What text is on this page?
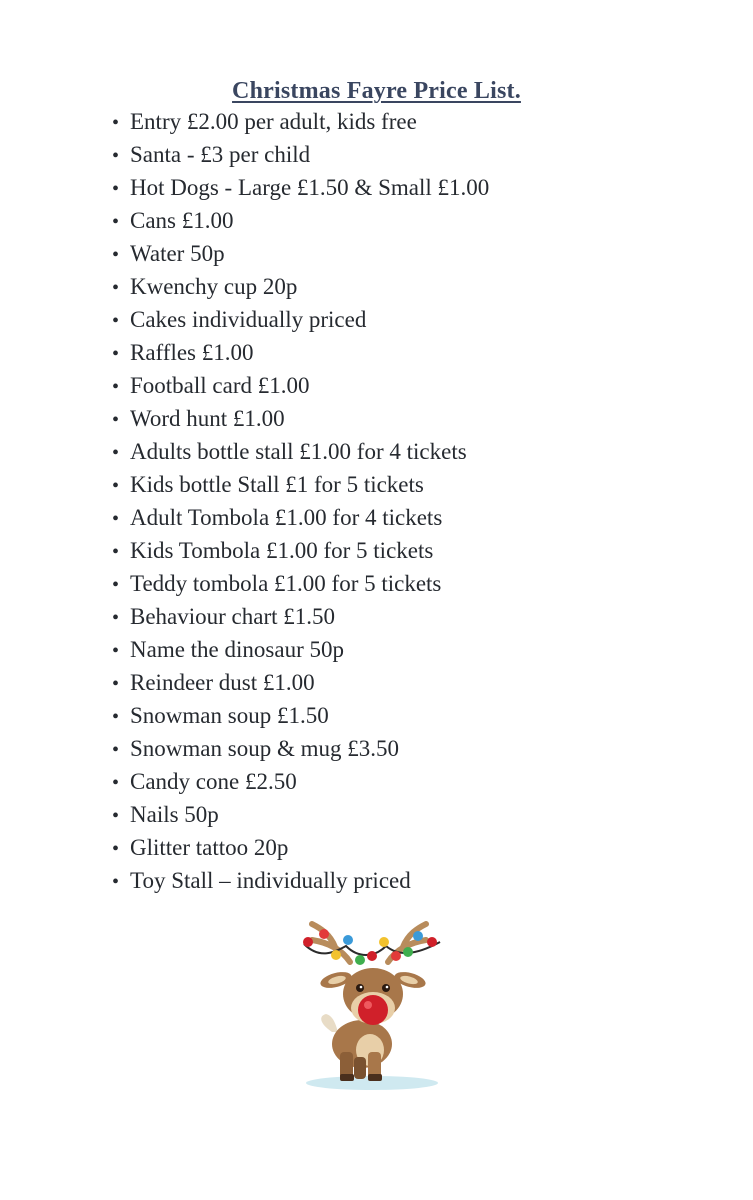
Christmas Fayre Price List.
• Entry £2.00 per adult, kids free
• Santa - £3 per child
• Hot Dogs - Large £1.50 & Small £1.00
• Cans £1.00
• Water 50p
• Kwenchy cup 20p
• Cakes individually priced
• Raffles £1.00
• Football card £1.00
• Word hunt £1.00
• Adults bottle stall £1.00 for 4 tickets
• Kids bottle Stall £1 for 5 tickets
• Adult Tombola £1.00 for 4 tickets
• Kids Tombola £1.00 for 5 tickets
• Teddy tombola £1.00 for 5 tickets
• Behaviour chart £1.50
• Name the dinosaur 50p
• Reindeer dust £1.00
• Snowman soup £1.50
• Snowman soup & mug £3.50
• Candy cone £2.50
• Nails 50p
• Glitter tattoo 20p
• Toy Stall – individually priced
